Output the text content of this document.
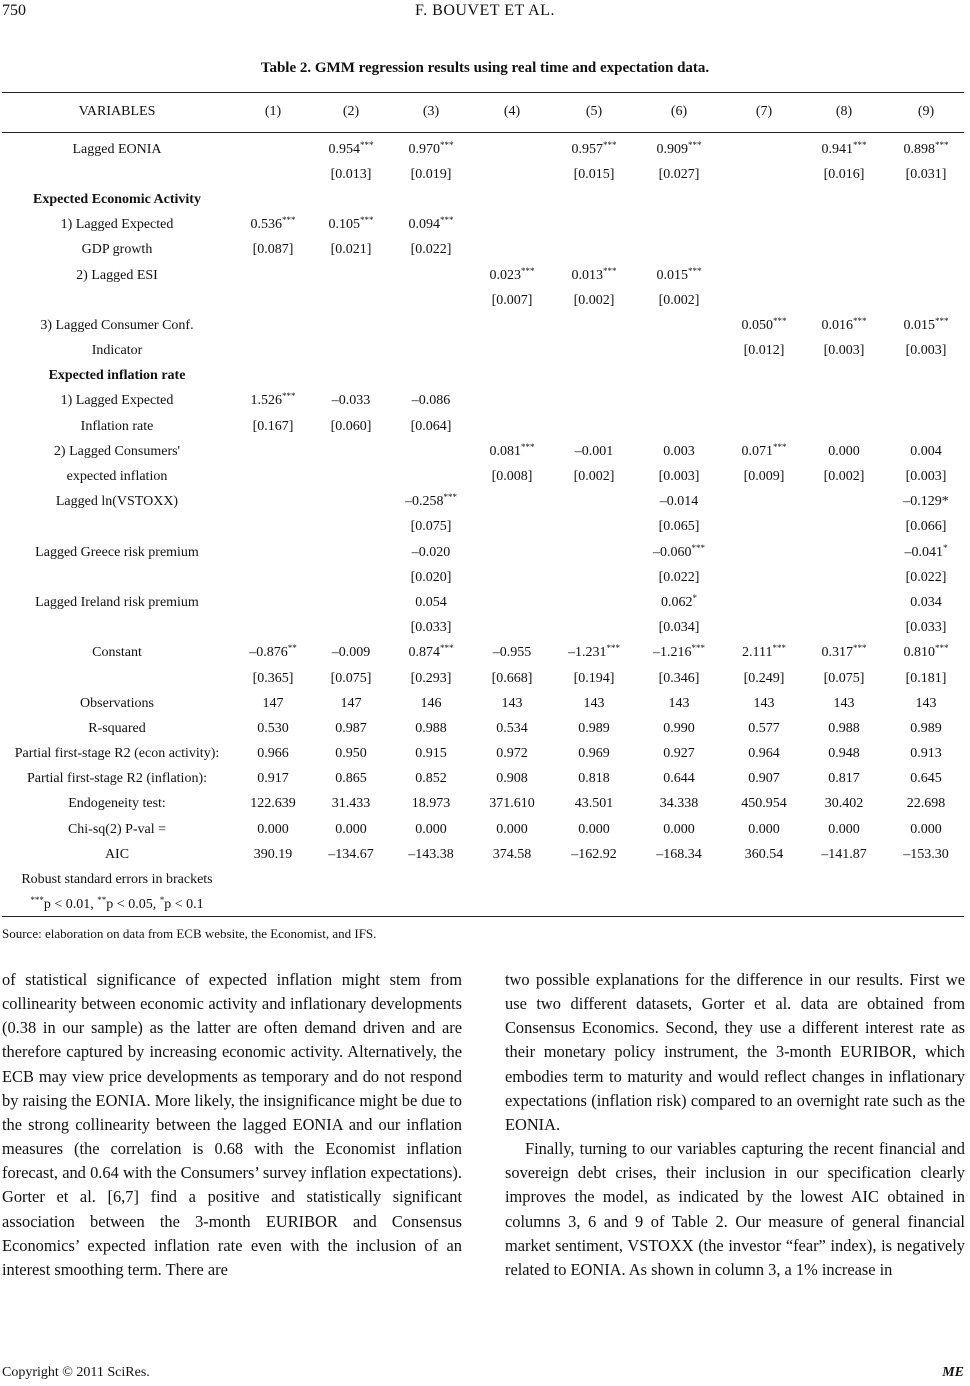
750	F. BOUVET ET AL.
Table 2. GMM regression results using real time and expectation data.
VARIABLES	(1)	(2)	(3)	(4)	(5)	(6)	(7)	(8)	(9)

Lagged EONIA		0.954***	0.970***		0.957***	0.909***		0.941***	0.898***
		[0.013]	[0.019]		[0.015]	[0.027]		[0.016]	[0.031]
Expected Economic Activity									
1) Lagged Expected	0.536***	0.105***	0.094***						
GDP growth	[0.087]	[0.021]	[0.022]						
2) Lagged ESI				0.023***	0.013***	0.015***			
				[0.007]	[0.002]	[0.002]			
3) Lagged Consumer Conf.							0.050***	0.016***	0.015***
Indicator							[0.012]	[0.003]	[0.003]
Expected inflation rate									
1) Lagged Expected	1.526***	–0.033	–0.086						
Inflation rate	[0.167]	[0.060]	[0.064]						
2) Lagged Consumers'				0.081***	–0.001	0.003	0.071***	0.000	0.004
expected inflation				[0.008]	[0.002]	[0.003]	[0.009]	[0.002]	[0.003]
Lagged ln(VSTOXX)			–0.258***			–0.014			–0.129*
			[0.075]			[0.065]			[0.066]
Lagged Greece risk premium			–0.020			–0.060***			–0.041*
			[0.020]			[0.022]			[0.022]
Lagged Ireland risk premium			0.054			0.062*			0.034
			[0.033]			[0.034]			[0.033]
Constant	–0.876**	–0.009	0.874***	–0.955	–1.231***	–1.216***	2.111***	0.317***	0.810***
	[0.365]	[0.075]	[0.293]	[0.668]	[0.194]	[0.346]	[0.249]	[0.075]	[0.181]
Observations	147	147	146	143	143	143	143	143	143
R-squared	0.530	0.987	0.988	0.534	0.989	0.990	0.577	0.988	0.989
Partial first-stage R2 (econ activity):	0.966	0.950	0.915	0.972	0.969	0.927	0.964	0.948	0.913
Partial first-stage R2 (inflation):	0.917	0.865	0.852	0.908	0.818	0.644	0.907	0.817	0.645
Endogeneity test:	122.639	31.433	18.973	371.610	43.501	34.338	450.954	30.402	22.698
Chi-sq(2) P-val =	0.000	0.000	0.000	0.000	0.000	0.000	0.000	0.000	0.000
AIC	390.19	–134.67	–143.38	374.58	–162.92	–168.34	360.54	–141.87	–153.30
Robust standard errors in brackets									
***p < 0.01, **p < 0.05, *p < 0.1									
Source: elaboration on data from ECB website, the Economist, and IFS.

of statistical significance of expected inflation might stem from collinearity between economic activity and inflationary developments (0.38 in our sample) as the latter are often demand driven and are therefore captured by increasing economic activity. Alternatively, the ECB may view price developments as temporary and do not respond by raising the EONIA. More likely, the insignificance might be due to the strong collinearity between the lagged EONIA and our inflation measures (the correlation is 0.68 with the Economist inflation forecast, and 0.64 with the Consumers’ survey inflation expectations). Gorter et al. [6,7] find a positive and statistically significant association between the 3-month EURIBOR and Consensus Economics’ expected inflation rate even with the inclusion of an interest smoothing term. There are

two possible explanations for the difference in our results. First we use two different datasets, Gorter et al. data are obtained from Consensus Economics. Second, they use a different interest rate as their monetary policy instrument, the 3-month EURIBOR, which embodies term to maturity and would reflect changes in inflationary expectations (inflation risk) compared to an overnight rate such as the EONIA.

Finally, turning to our variables capturing the recent financial and sovereign debt crises, their inclusion in our specification clearly improves the model, as indicated by the lowest AIC obtained in columns 3, 6 and 9 of Table 2. Our measure of general financial market sentiment, VSTOXX (the investor “fear” index), is negatively related to EONIA. As shown in column 3, a 1% increase in

Copyright © 2011 SciRes.	ME
